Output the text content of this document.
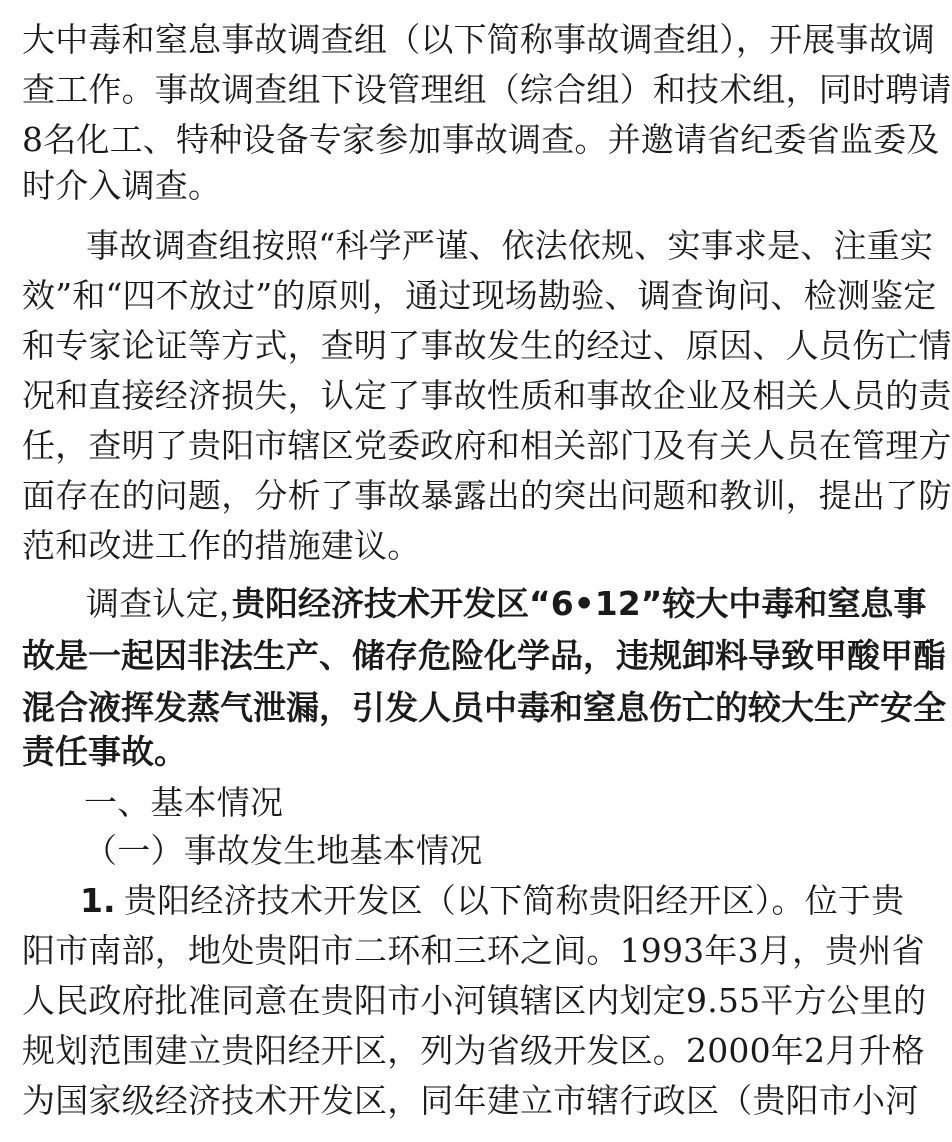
大中毒和窒息事故调查组（以下简称事故调查组），开展事故调
查工作。事故调查组下设管理组（综合组）和技术组，同时聘请
8名化工、特种设备专家参加事故调查。并邀请省纪委省监委及
时介入调查。
事故调查组按照“科学严谨、依法依规、实事求是、注重实
效”和“四不放过”的原则，通过现场勘验、调查询问、检测鉴定
和专家论证等方式，查明了事故发生的经过、原因、人员伤亡情
况和直接经济损失，认定了事故性质和事故企业及相关人员的责
任，查明了贵阳市辖区党委政府和相关部门及有关人员在管理方
面存在的问题，分析了事故暴露出的突出问题和教训，提出了防
范和改进工作的措施建议。
调查认定，
贵阳经济技术开发区“6•12”较大中毒和窒息事
故是一起因非法生产、储存危险化学品，违规卸料导致甲酸甲酯
混合液挥发蒸气泄漏，引发人员中毒和窒息伤亡的较大生产安全
责任事故。
一、基本情况
（一）事故发生地基本情况
1. 贵阳经济技术开发区（以下简称贵阳经开区）。位于贵
阳市南部，地处贵阳市二环和三环之间。1993年3月，贵州省
人民政府批准同意在贵阳市小河镇辖区内划定9.55平方公里的
规划范围建立贵阳经开区，列为省级开发区。2000年2月升格
为国家级经济技术开发区，同年建立市辖行政区（贵阳市小河
